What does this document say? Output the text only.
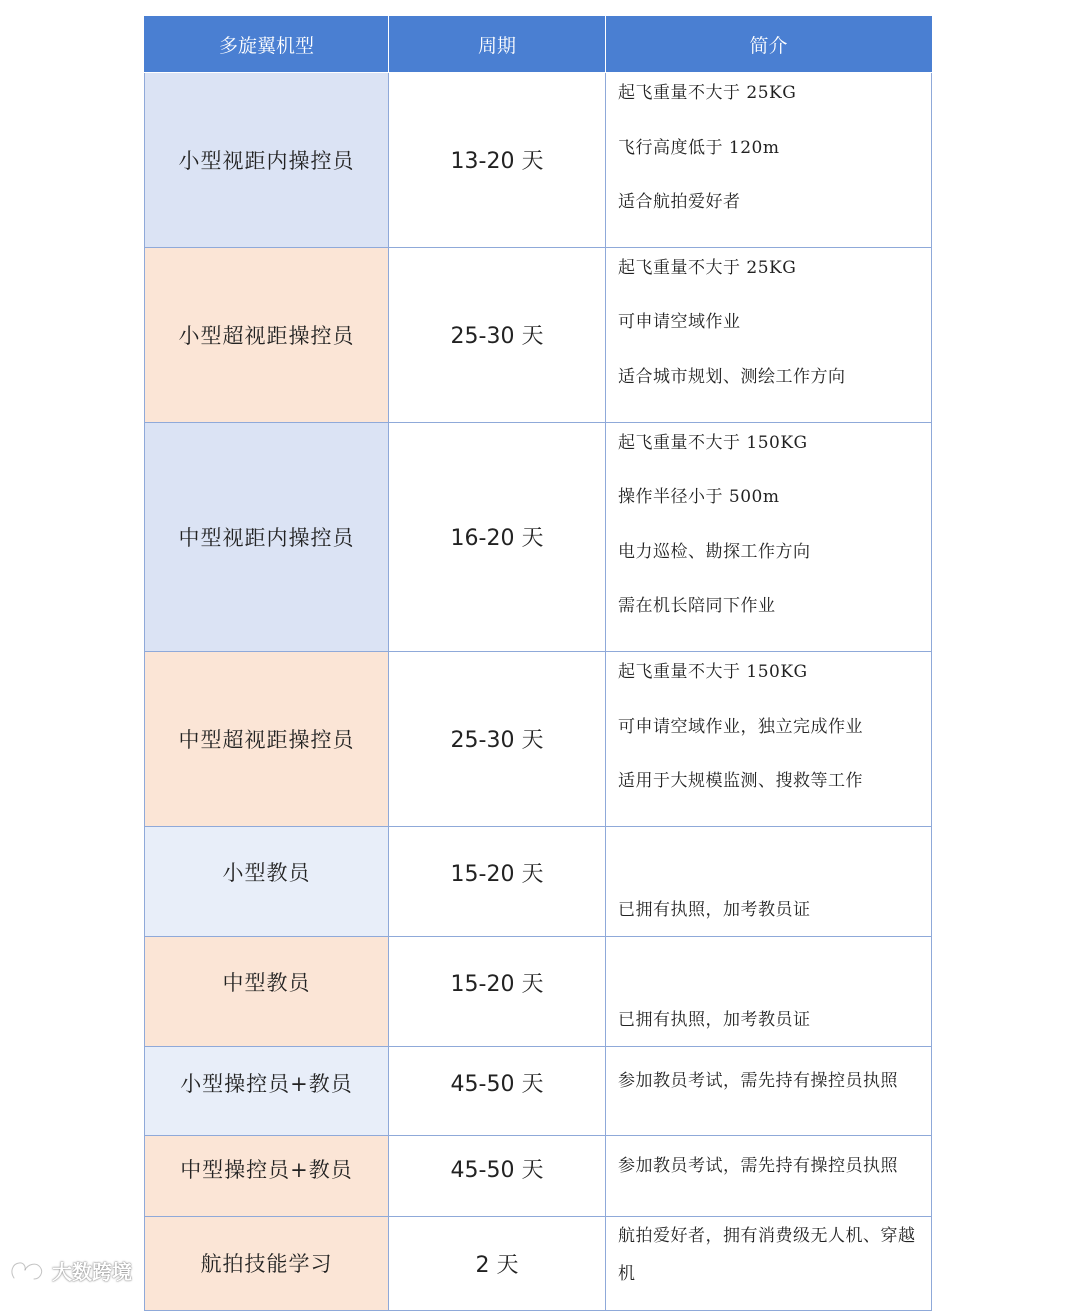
多旋翼机型	周期	简介
小型视距内操控员	13-20 天	起飞重量不大于 25KG
飞行高度低于 120m
适合航拍爱好者

小型超视距操控员	25-30 天	起飞重量不大于 25KG
可申请空域作业
适合城市规划、测绘工作方向

中型视距内操控员	16-20 天	起飞重量不大于 150KG
操作半径小于 500m
电力巡检、勘探工作方向
需在机长陪同下作业

中型超视距操控员	25-30 天	起飞重量不大于 150KG
可申请空域作业，独立完成作业
适用于大规模监测、搜救等工作

小型教员	15-20 天	已拥有执照，加考教员证

中型教员	15-20 天	已拥有执照，加考教员证

小型操控员+教员	45-50 天	参加教员考试，需先持有操控员执照

中型操控员+教员	45-50 天	参加教员考试，需先持有操控员执照

航拍技能学习	2 天	航拍爱好者，拥有消费级无人机、穿越机
大数跨境
